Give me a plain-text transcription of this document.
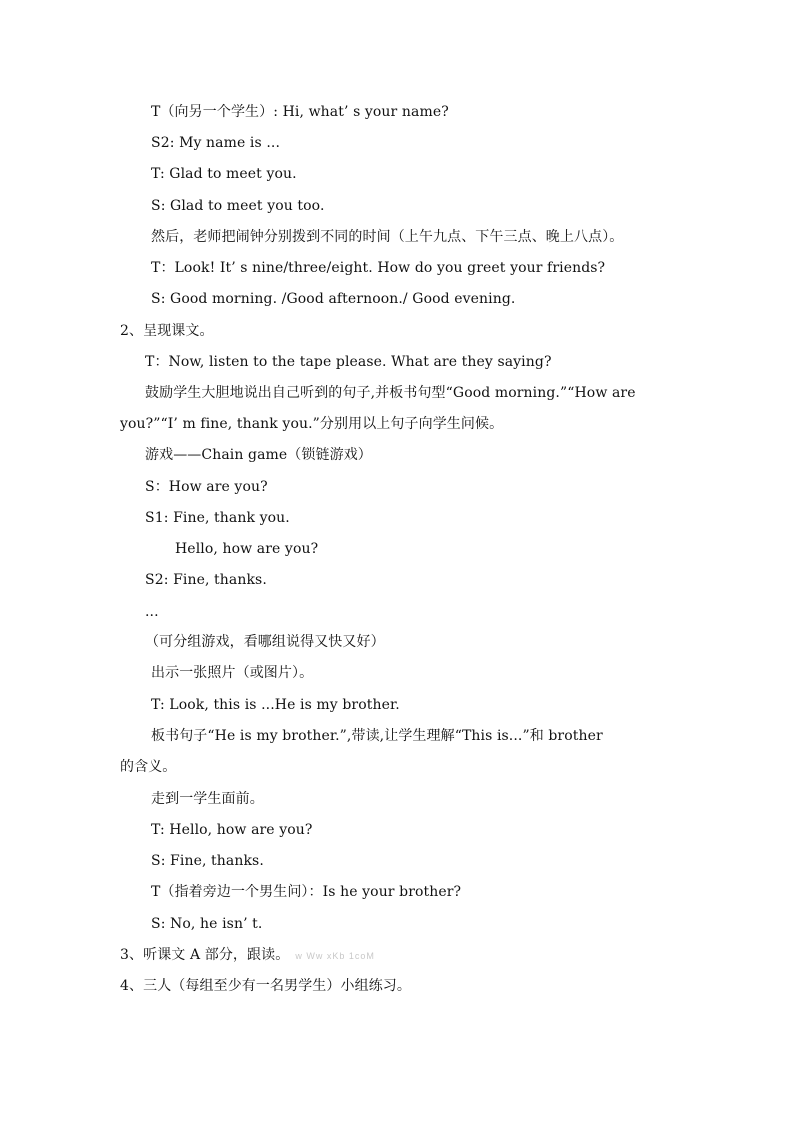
T（向另一个学生）: Hi, what’ s your name?
S2: My name is ...
T: Glad to meet you.
S: Glad to meet you too.
然后，老师把闹钟分别拨到不同的时间（上午九点、下午三点、晚上八点）。
T：Look! It’ s nine/three/eight. How do you greet your friends?
S: Good morning. /Good afternoon./ Good evening.
2、呈现课文。
T：Now, listen to the tape please. What are they saying?
鼓励学生大胆地说出自己听到的句子,并板书句型“Good morning.”“How are
you?”“I’ m fine, thank you.”分别用以上句子向学生问候。
游戏——Chain game（锁链游戏）
S：How are you?
S1: Fine, thank you.
Hello, how are you?
S2: Fine, thanks.
...
（可分组游戏，看哪组说得又快又好）
出示一张照片（或图片）。
T: Look, this is ...He is my brother.
板书句子“He is my brother.”,带读,让学生理解“This is...”和 brother
的含义。
走到一学生面前。
T: Hello, how are you?
S: Fine, thanks.
T（指着旁边一个男生问）：Is he your brother?
S: No, he isn’ t.
3、听课文 A 部分，跟读。 w Ww xKb 1coM
4、三人（每组至少有一名男学生）小组练习。
